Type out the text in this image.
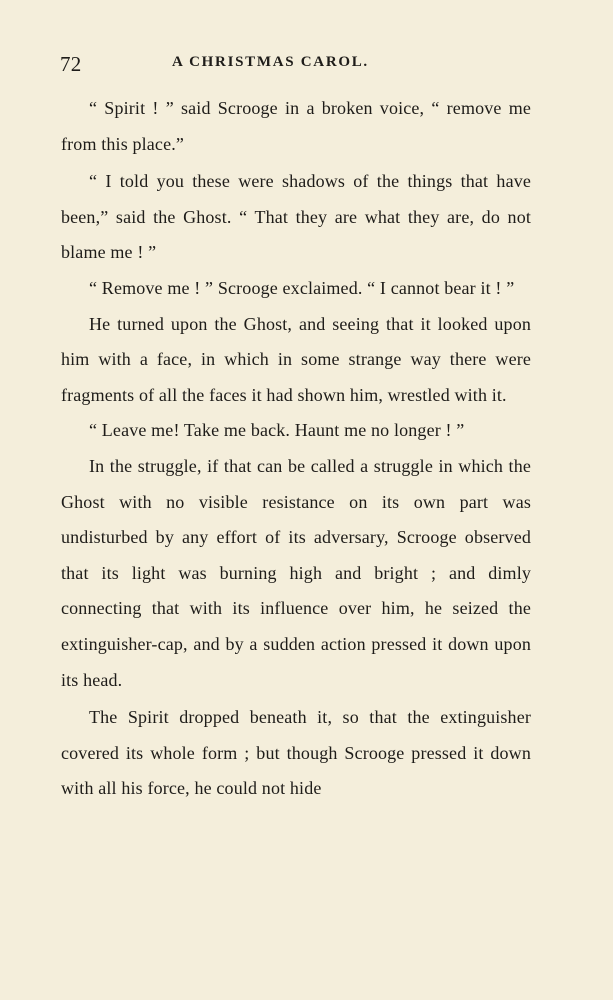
72	A CHRISTMAS CAROL.

“ Spirit ! ” said Scrooge in a broken voice, “ remove me from this place.”

“ I told you these were shadows of the things that have been,” said the Ghost. “ That they are what they are, do not blame me ! ”

“ Remove me ! ” Scrooge exclaimed. “ I cannot bear it ! ”

He turned upon the Ghost, and seeing that it looked upon him with a face, in which in some strange way there were fragments of all the faces it had shown him, wrestled with it.

“ Leave me! Take me back. Haunt me no longer ! ”

In the struggle, if that can be called a struggle in which the Ghost with no visible resistance on its own part was undisturbed by any effort of its adversary, Scrooge observed that its light was burning high and bright ; and dimly connecting that with its influence over him, he seized the extinguisher-cap, and by a sudden action pressed it down upon its head.

The Spirit dropped beneath it, so that the extinguisher covered its whole form ; but though Scrooge pressed it down with all his force, he could not hide
